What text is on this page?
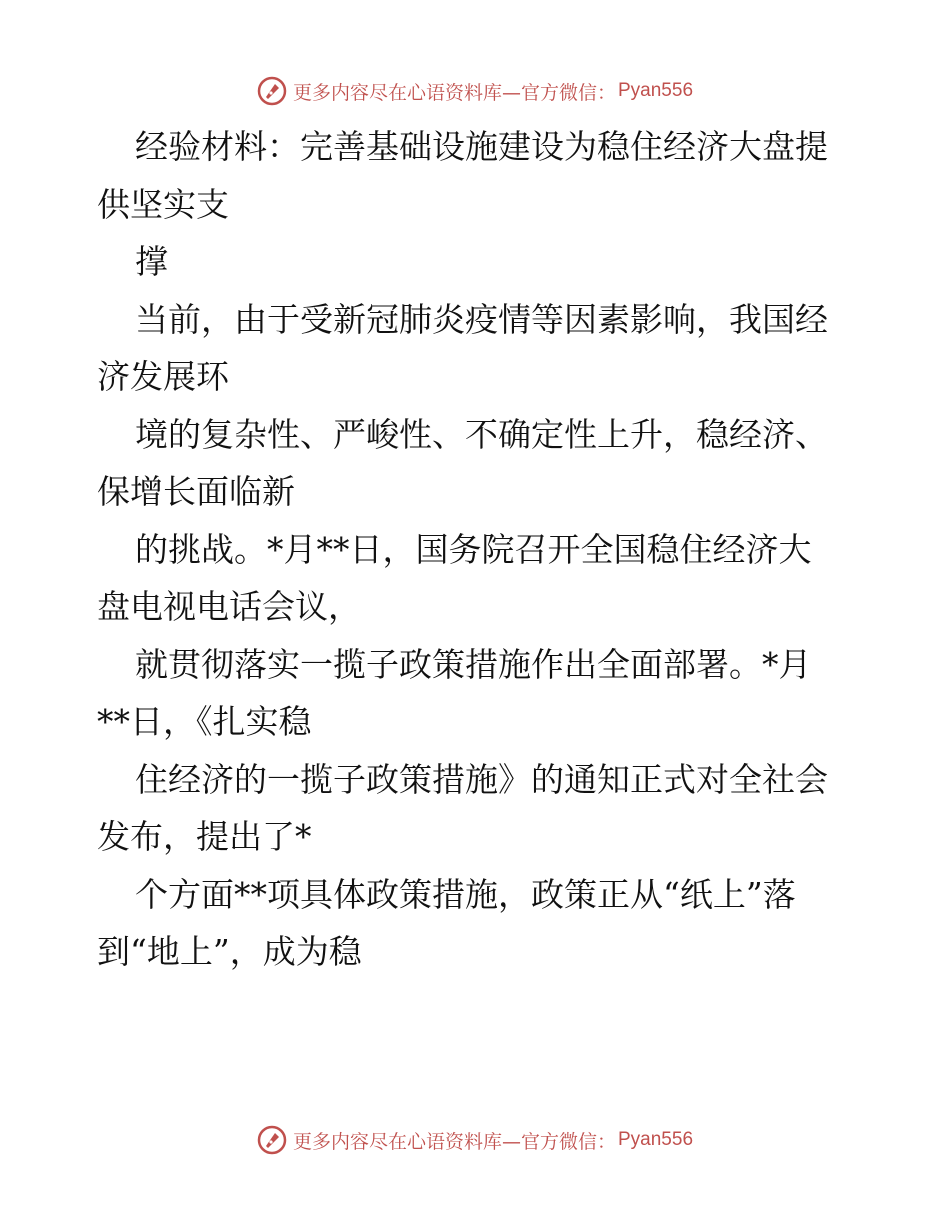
更多内容尽在心语资料库—官方微信： Pyan556
经验材料：完善基础设施建设为稳住经济大盘提
供坚实支
撑
当前，由于受新冠肺炎疫情等因素影响，我国经
济发展环
境的复杂性、严峻性、不确定性上升，稳经济、
保增长面临新
的挑战。*月**日，国务院召开全国稳住经济大
盘电视电话会议，
就贯彻落实一揽子政策措施作出全面部署。*月
**日，《扎实稳
住经济的一揽子政策措施》的通知正式对全社会
发布，提出了*
个方面**项具体政策措施，政策正从“纸上”落
到“地上”，成为稳
更多内容尽在心语资料库—官方微信： Pyan556
